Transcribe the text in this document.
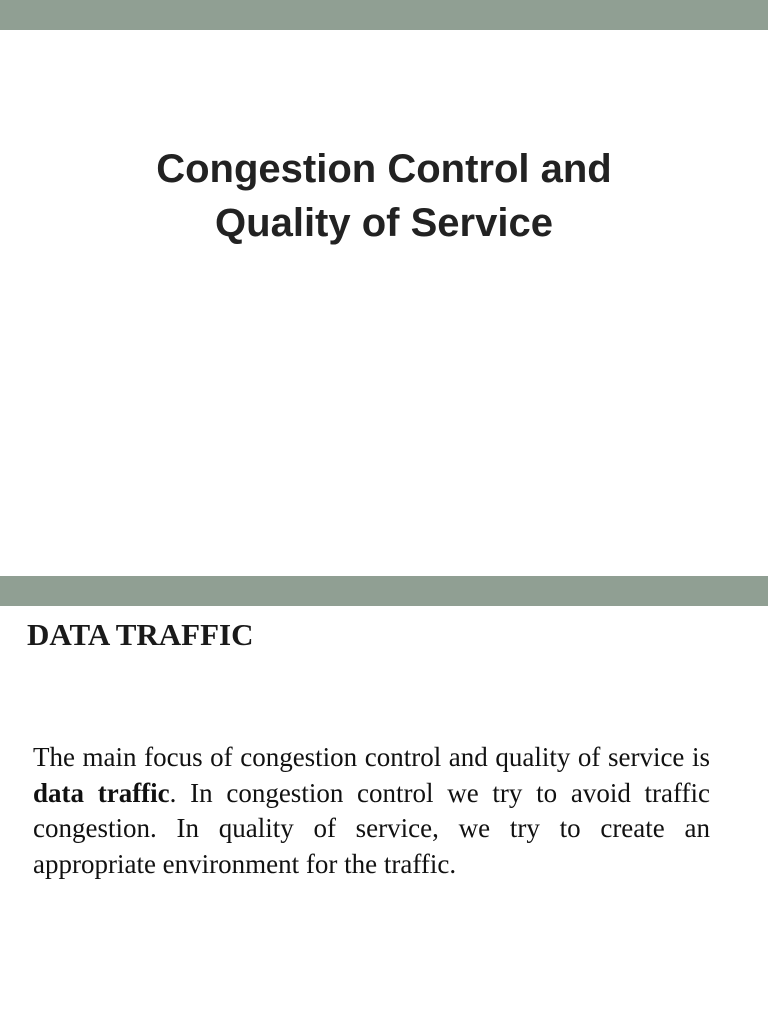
Congestion Control and
Quality of Service
DATA TRAFFIC

The main focus of congestion control and quality of service is data traffic. In congestion control we try to avoid traffic congestion. In quality of service, we try to create an appropriate environment for the traffic.
